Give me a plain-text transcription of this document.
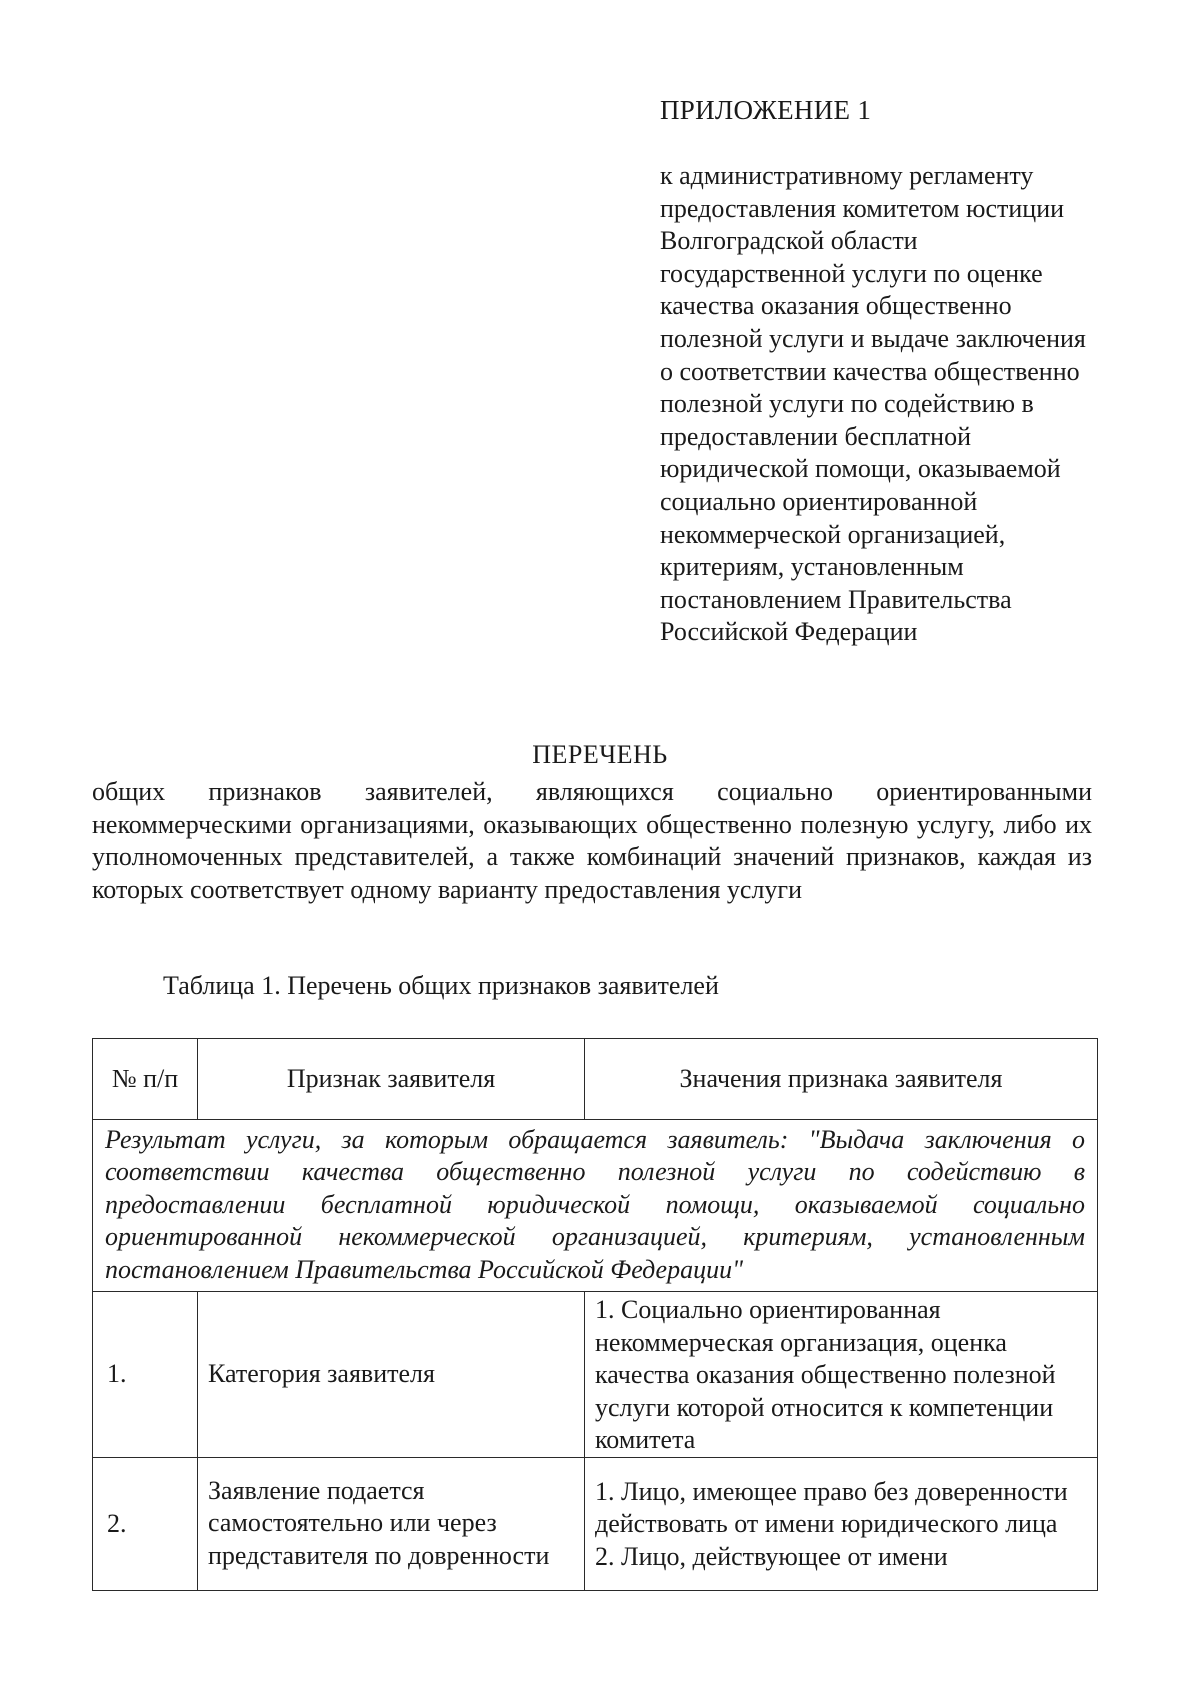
ПРИЛОЖЕНИЕ 1
к административному регламенту предоставления комитетом юстиции Волгоградской области государственной услуги по оценке качества оказания общественно полезной услуги и выдаче заключения о соответствии качества общественно полезной услуги по содействию в предоставлении бесплатной юридической помощи, оказываемой социально ориентированной некоммерческой организацией, критериям, установленным постановлением Правительства Российской Федерации
ПЕРЕЧЕНЬ
общих признаков заявителей, являющихся социально ориентированными некоммерческими организациями, оказывающих общественно полезную услугу, либо их уполномоченных представителей, а также комбинаций значений признаков, каждая из которых соответствует одному варианту предоставления услуги
Таблица 1. Перечень общих признаков заявителей
№ п/п	Признак заявителя	Значения признака заявителя
Результат услуги, за которым обращается заявитель: "Выдача заключения о соответствии качества общественно полезной услуги по содействию в предоставлении бесплатной юридической помощи, оказываемой социально ориентированной некоммерческой организацией, критериям, установленным постановлением Правительства Российской Федерации"		
1.	Категория заявителя	1. Социально ориентированная некоммерческая организация, оценка качества оказания общественно полезной услуги которой относится к компетенции комитета

2.	Заявление подается самостоятельно или через представителя по довренности	1. Лицо, имеющее право без доверенности действовать от имени юридического лица
2. Лицо, действующее от имени
